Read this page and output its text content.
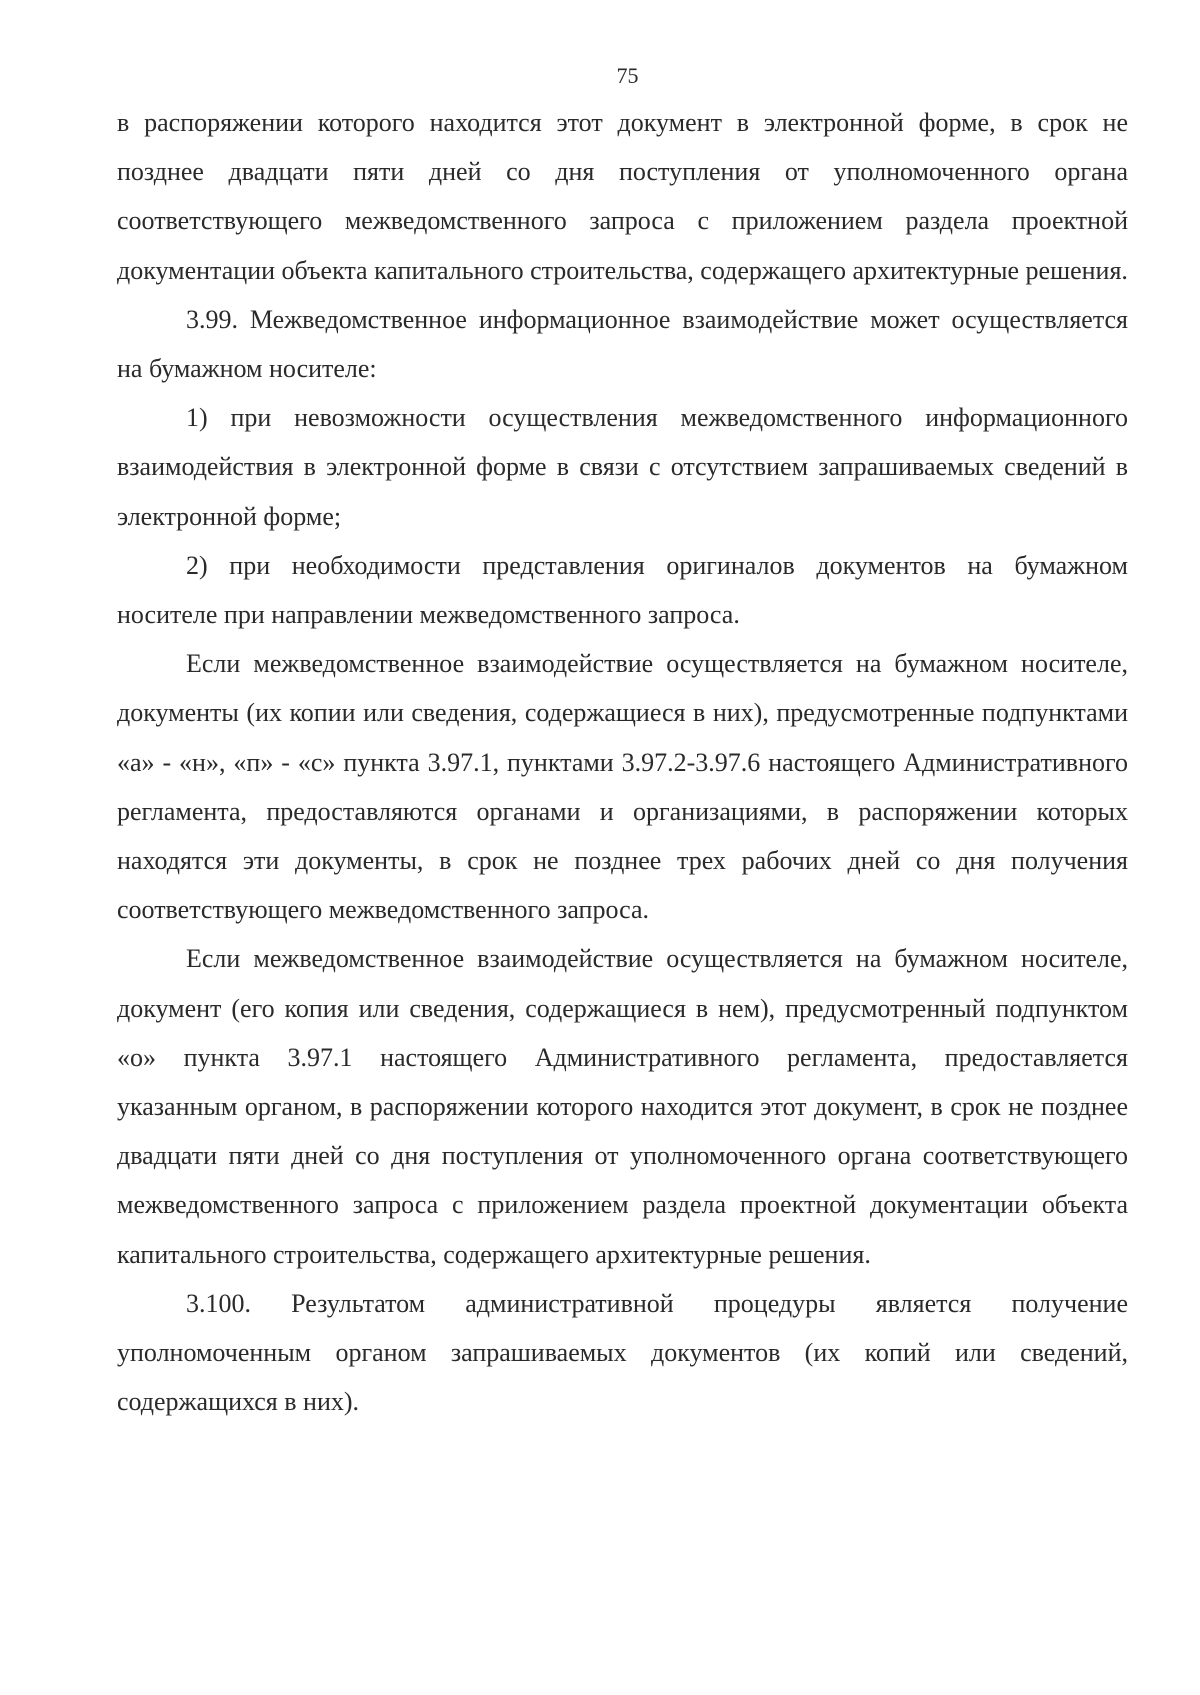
75

в распоряжении которого находится этот документ в электронной форме, в срок не позднее двадцати пяти дней со дня поступления от уполномоченного органа соответствующего межведомственного запроса с приложением раздела проектной документации объекта капитального строительства, содержащего архитектурные решения.

3.99. Межведомственное информационное взаимодействие может осуществляется на бумажном носителе:

1) при невозможности осуществления межведомственного информационного взаимодействия в электронной форме в связи с отсутствием запрашиваемых сведений в электронной форме;

2) при необходимости представления оригиналов документов на бумажном носителе при направлении межведомственного запроса.

Если межведомственное взаимодействие осуществляется на бумажном носителе, документы (их копии или сведения, содержащиеся в них), предусмотренные подпунктами «а» - «н», «п» - «с» пункта 3.97.1, пунктами 3.97.2-3.97.6 настоящего Административного регламента, предоставляются органами и организациями, в распоряжении которых находятся эти документы, в срок не позднее трех рабочих дней со дня получения соответствующего межведомственного запроса.

Если межведомственное взаимодействие осуществляется на бумажном носителе, документ (его копия или сведения, содержащиеся в нем), предусмотренный подпунктом «о» пункта 3.97.1 настоящего Административного регламента, предоставляется указанным органом, в распоряжении которого находится этот документ, в срок не позднее двадцати пяти дней со дня поступления от уполномоченного органа соответствующего межведомственного запроса с приложением раздела проектной документации объекта капитального строительства, содержащего архитектурные решения.

3.100. Результатом административной процедуры является получение уполномоченным органом запрашиваемых документов (их копий или сведений, содержащихся в них).
